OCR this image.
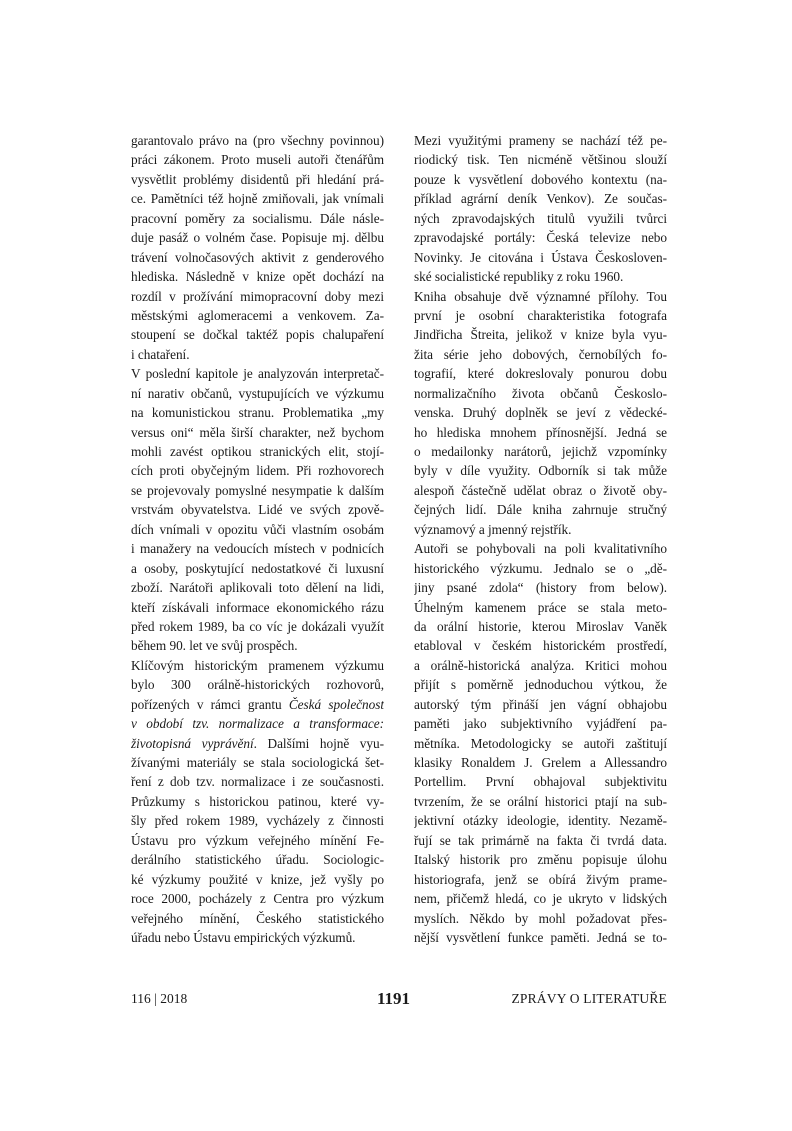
garantovalo právo na (pro všechny povinnou)
práci zákonem. Proto museli autoři čtenářům
vysvětlit problémy disidentů při hledání prá-
ce. Pamětníci též hojně zmiňovali, jak vnímali
pracovní poměry za socialismu. Dále násle-
duje pasáž o volném čase. Popisuje mj. dělbu
trávení volnočasových aktivit z genderového
hlediska. Následně v knize opět dochází na
rozdíl v prožívání mimopracovní doby mezi
městskými aglomeracemi a venkovem. Za-
stoupení se dočkal taktéž popis chalupaření
i chataření.
V poslední kapitole je analyzován interpretač-
ní narativ občanů, vystupujících ve výzkumu
na komunistickou stranu. Problematika „my
versus oni“ měla širší charakter, než bychom
mohli zavést optikou stranických elit, stojí-
cích proti obyčejným lidem. Při rozhovorech
se projevovaly pomyslné nesympatie k dalším
vrstvám obyvatelstva. Lidé ve svých zpově-
dích vnímali v opozitu vůči vlastním osobám
i manažery na vedoucích místech v podnicích
a osoby, poskytující nedostatkové či luxusní
zboží. Narátoři aplikovali toto dělení na lidi,
kteří získávali informace ekonomického rázu
před rokem 1989, ba co víc je dokázali využít
během 90. let ve svůj prospěch.
Klíčovým historickým pramenem výzkumu
bylo 300 orálně-historických rozhovorů,
pořízených v rámci grantu Česká společnost
v období tzv. normalizace a transformace:
životopisná vyprávění. Dalšími hojně vyu-
žívanými materiály se stala sociologická šet-
ření z dob tzv. normalizace i ze současnosti.
Průzkumy s historickou patinou, které vy-
šly před rokem 1989, vycházely z činnosti
Ústavu pro výzkum veřejného mínění Fe-
derálního statistického úřadu. Sociologic-
ké výzkumy použité v knize, jež vyšly po
roce 2000, pocházely z Centra pro výzkum
veřejného mínění, Českého statistického
úřadu nebo Ústavu empirických výzkumů.
Mezi využitými prameny se nachází též pe-
riodický tisk. Ten nicméně většinou slouží
pouze k vysvětlení dobového kontextu (na-
příklad agrární deník Venkov). Ze součas-
ných zpravodajských titulů využili tvůrci
zpravodajské portály: Česká televize nebo
Novinky. Je citována i Ústava Českosloven-
ské socialistické republiky z roku 1960.
Kniha obsahuje dvě významné přílohy. Tou
první je osobní charakteristika fotografa
Jindřicha Štreita, jelikož v knize byla vyu-
žita série jeho dobových, černobílých fo-
tografií, které dokreslovaly ponurou dobu
normalizačního života občanů Českoslo-
venska. Druhý doplněk se jeví z vědecké-
ho hlediska mnohem přínosnější. Jedná se
o medailonky narátorů, jejichž vzpomínky
byly v díle využity. Odborník si tak může
alespoň částečně udělat obraz o životě oby-
čejných lidí. Dále kniha zahrnuje stručný
významový a jmenný rejstřík.
Autoři se pohybovali na poli kvalitativního
historického výzkumu. Jednalo se o „dě-
jiny psané zdola“ (history from below).
Úhelným kamenem práce se stala meto-
da orální historie, kterou Miroslav Vaněk
etabloval v českém historickém prostředí,
a orálně-historická analýza. Kritici mohou
přijít s poměrně jednoduchou výtkou, že
autorský tým přináší jen vágní obhajobu
paměti jako subjektivního vyjádření pa-
mětníka. Metodologicky se autoři zaštitují
klasiky Ronaldem J. Grelem a Allessandro
Portellim. První obhajoval subjektivitu
tvrzením, že se orální historici ptají na sub-
jektivní otázky ideologie, identity. Nezamě-
řují se tak primárně na fakta či tvrdá data.
Italský historik pro změnu popisuje úlohu
historiografa, jenž se obírá živým prame-
nem, přičemž hledá, co je ukryto v lidských
myslích. Někdo by mohl požadovat přes-
nější vysvětlení funkce paměti. Jedná se to-
116 | 2018	1191	ZPRÁVY O LITERATUŘE
